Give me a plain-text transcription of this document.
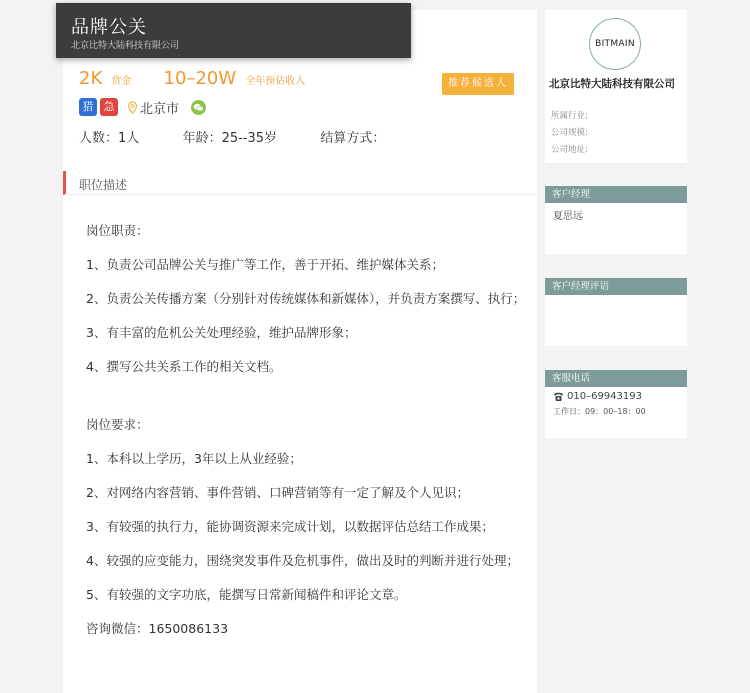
品牌公关
北京比特大陆科技有限公司
2K 赏金 10–20W 全年预估收入	推荐候选人
猎 急 北京市
人数：1人	年龄：25--35岁	结算方式：
职位描述

岗位职责：

1、负责公司品牌公关与推广等工作，善于开拓、维护媒体关系；

2、负责公关传播方案（分别针对传统媒体和新媒体），并负责方案撰写、执行；

3、有丰富的危机公关处理经验，维护品牌形象；

4、撰写公共关系工作的相关文档。

岗位要求：

1、本科以上学历，3年以上从业经验；

2、对网络内容营销、事件营销、口碑营销等有一定了解及个人见识；

3、有较强的执行力，能协调资源来完成计划，以数据评估总结工作成果；

4、较强的应变能力，围绕突发事件及危机事件，做出及时的判断并进行处理；

5、有较强的文字功底，能撰写日常新闻稿件和评论文章。

咨询微信：1650086133

BITMAIN
北京比特大陆科技有限公司
所属行业:
公司规模:
公司地址:
客户经理
夏思远
客户经理评语
客服电话
010–69943193
工作日：09：00–18：00
